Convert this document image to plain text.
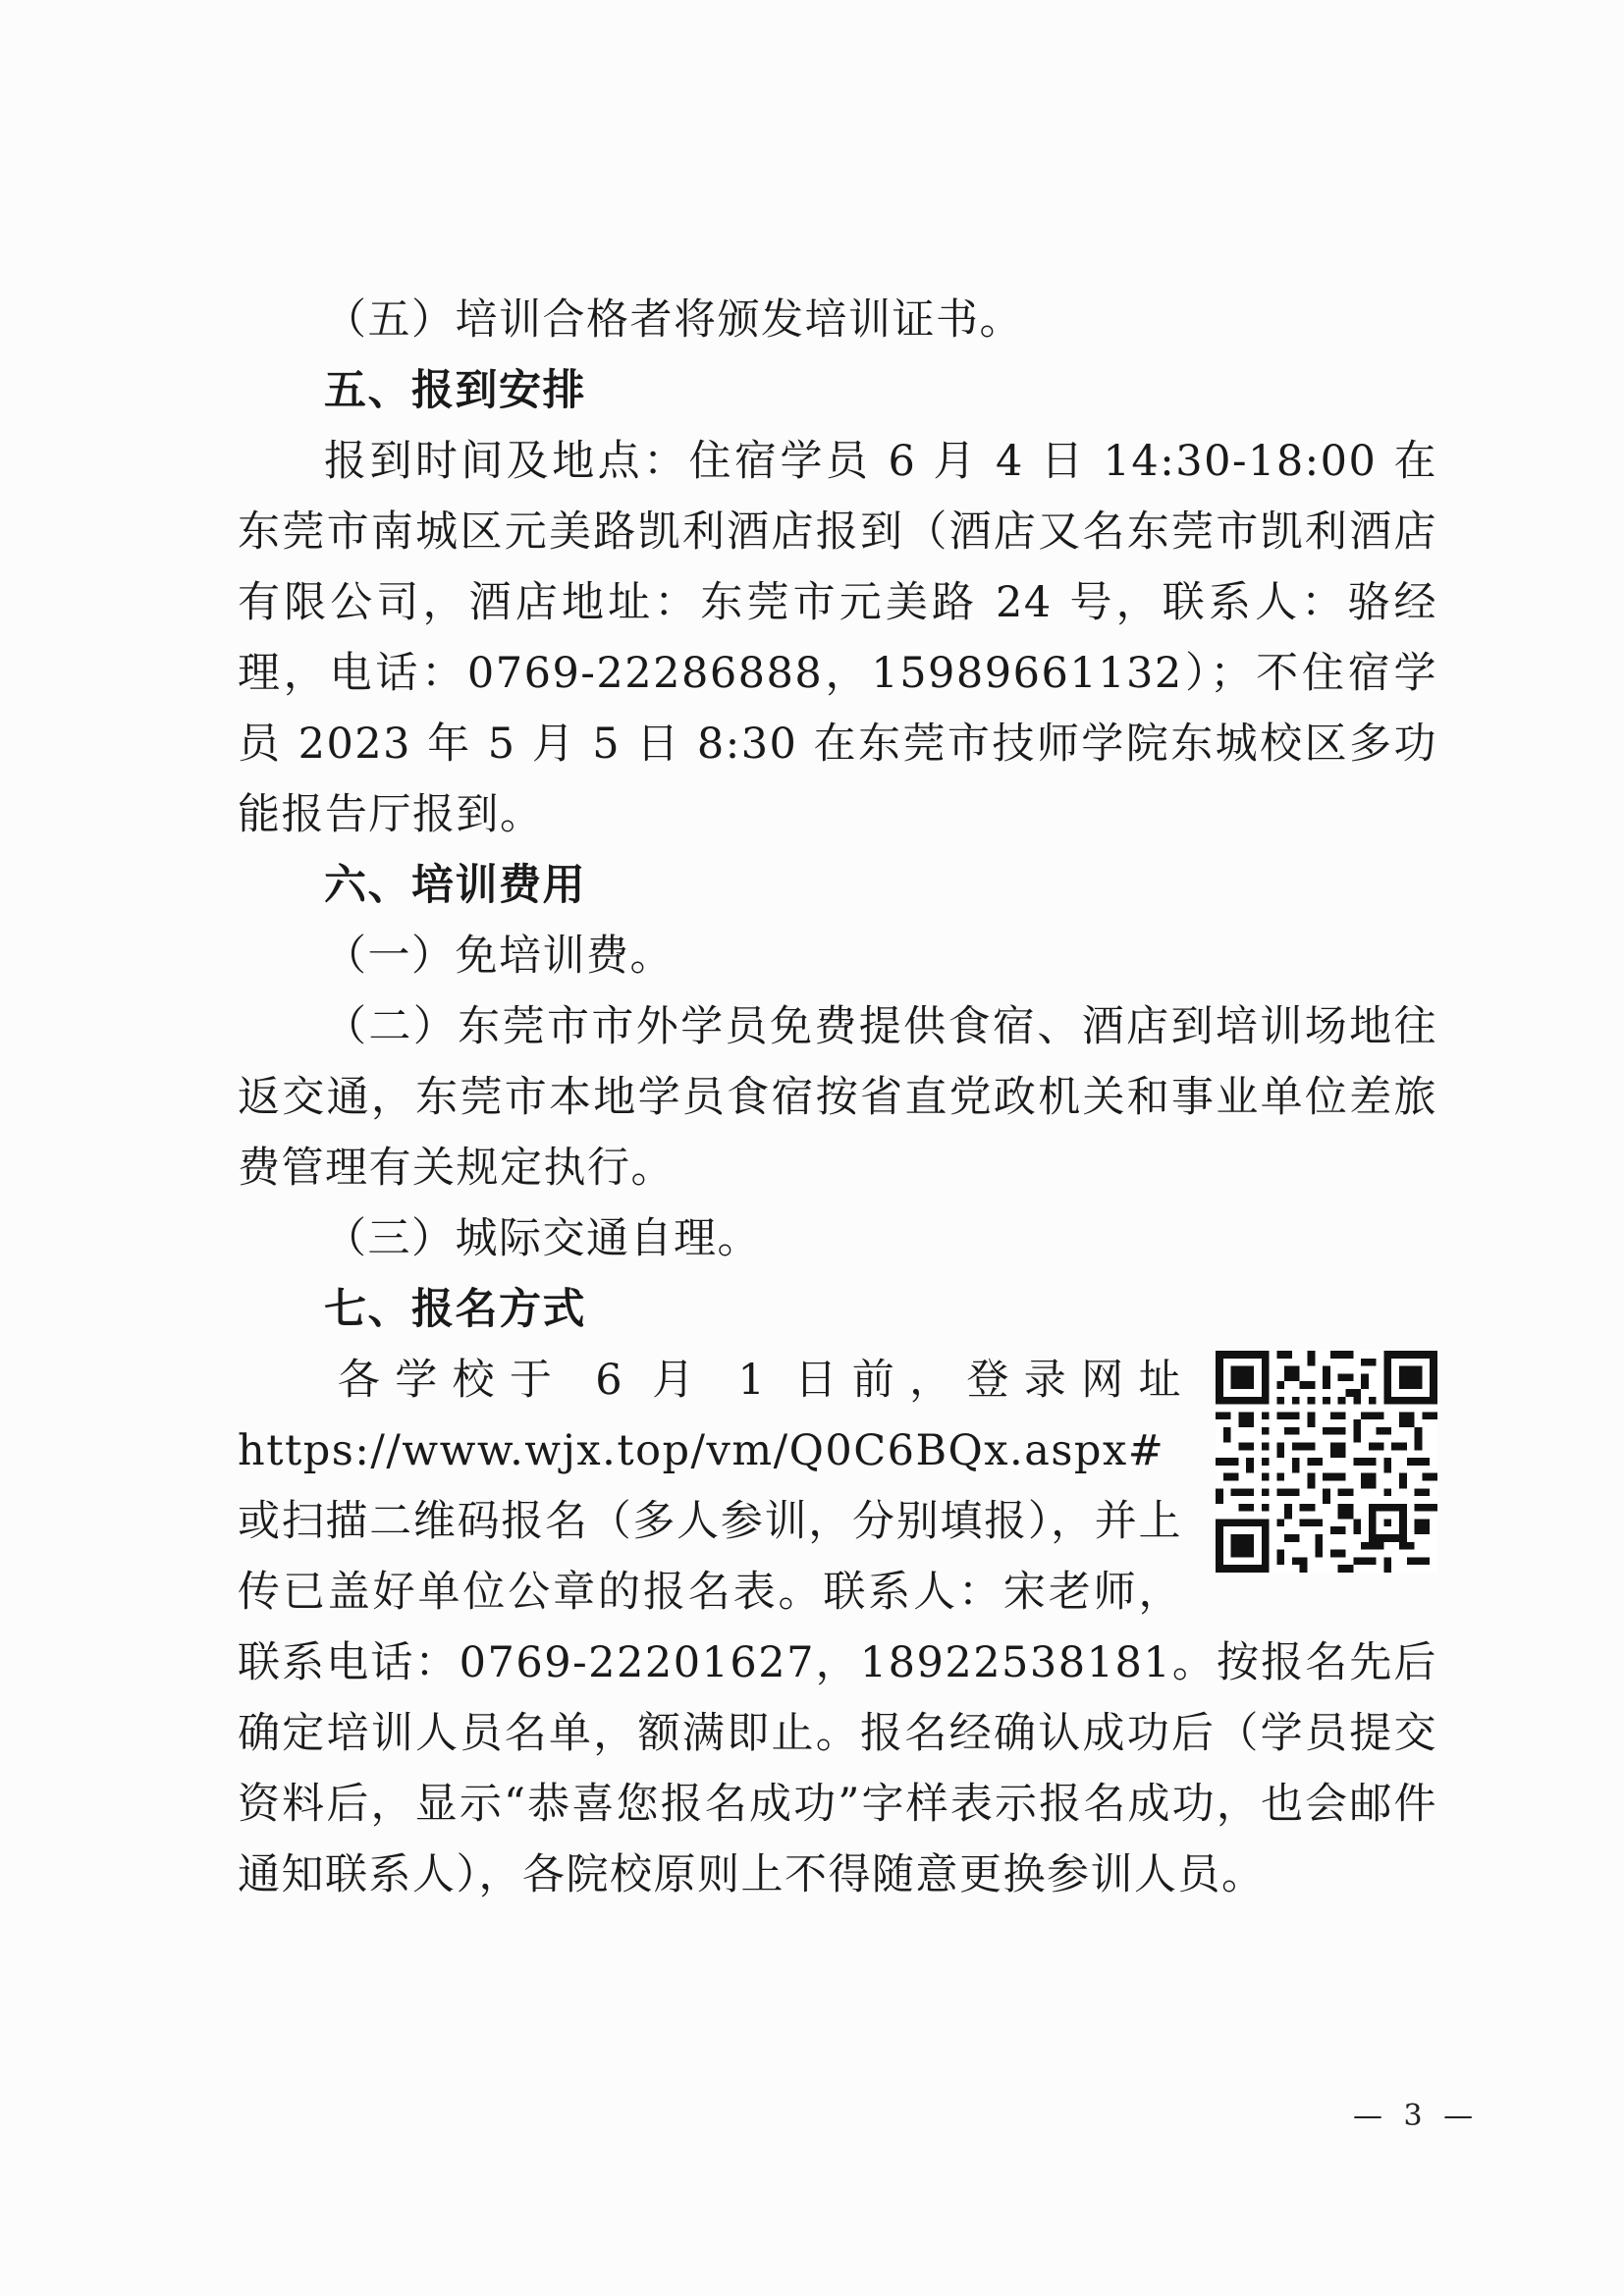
（五）培训合格者将颁发培训证书。

五、报到安排

报到时间及地点：住宿学员 6 月 4 日 14:30-18:00 在东莞市南城区元美路凯利酒店报到（酒店又名东莞市凯利酒店有限公司，酒店地址：东莞市元美路 24 号，联系人：骆经理，电话：0769-22286888，15989661132）；不住宿学员 2023 年 5 月 5 日 8:30 在东莞市技师学院东城校区多功能报告厅报到。

六、培训费用

（一）免培训费。

（二）东莞市市外学员免费提供食宿、酒店到培训场地往返交通，东莞市本地学员食宿按省直党政机关和事业单位差旅费管理有关规定执行。

（三）城际交通自理。

七、报名方式

各学校于 6 月 1 日前，登录网址 https://www.wjx.top/vm/Q0C6BQx.aspx# 或扫描二维码报名（多人参训，分别填报），并上传已盖好单位公章的报名表。联系人：宋老师，联系电话：0769-22201627，18922538181。按报名先后确定培训人员名单，额满即止。报名经确认成功后（学员提交资料后，显示“恭喜您报名成功”字样表示报名成功，也会邮件通知联系人），各院校原则上不得随意更换参训人员。

— 3 —
